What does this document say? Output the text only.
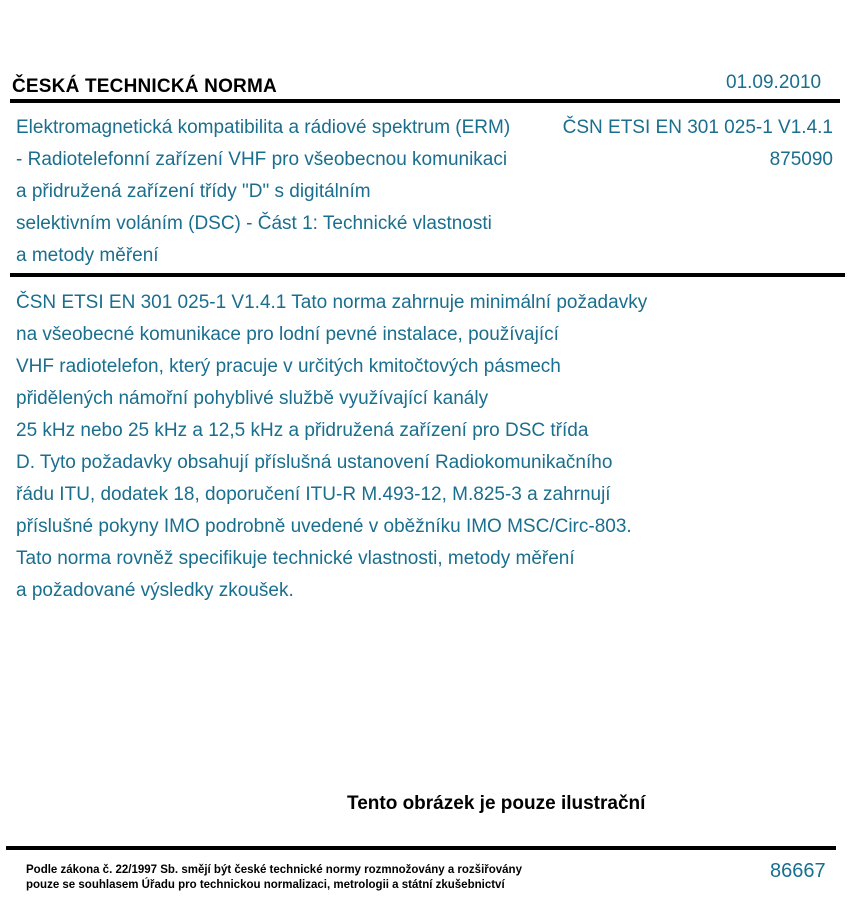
ČESKÁ TECHNICKÁ NORMA	01.09.2010
Elektromagnetická kompatibilita a rádiové spektrum (ERM)
- Radiotelefonní zařízení VHF pro všeobecnou komunikaci
a přidružená zařízení třídy "D" s digitálním
selektivním voláním (DSC) - Část 1: Technické vlastnosti
a metody měření
ČSN ETSI EN 301 025-1 V1.4.1
875090
ČSN ETSI EN 301 025-1 V1.4.1 Tato norma zahrnuje minimální požadavky
na všeobecné komunikace pro lodní pevné instalace, používající
VHF radiotelefon, který pracuje v určitých kmitočtových pásmech
přidělených námořní pohyblivé službě využívající kanály
25 kHz nebo 25 kHz a 12,5 kHz a přidružená zařízení pro DSC třída
D. Tyto požadavky obsahují příslušná ustanovení Radiokomunikačního
řádu ITU, dodatek 18, doporučení ITU-R M.493-12, M.825-3 a zahrnují
příslušné pokyny IMO podrobně uvedené v oběžníku IMO MSC/Circ-803.
Tato norma rovněž specifikuje technické vlastnosti, metody měření
a požadované výsledky zkoušek.
Tento obrázek je pouze ilustrační
Podle zákona č. 22/1997 Sb. smějí být české technické normy rozmnožovány a rozšiřovány
pouze se souhlasem Úřadu pro technickou normalizaci, metrologii a státní zkušebnictví
86667
